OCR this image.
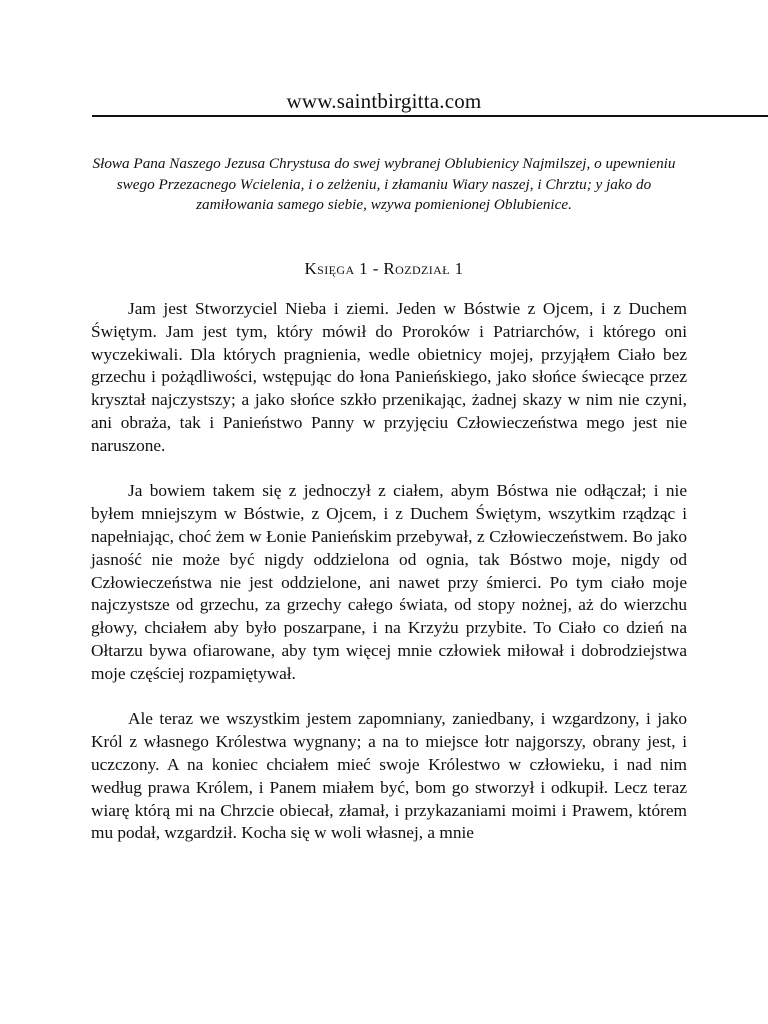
www.saintbirgitta.com
Słowa Pana Naszego Jezusa Chrystusa do swej wybranej Oblubienicy Najmilszej, o upewnieniu swego Przezacnego Wcielenia, i o zelżeniu, i złamaniu Wiary naszej, i Chrztu; y jako do zamiłowania samego siebie, wzywa pomienionej Oblubienice.
Księga 1 - Rozdział 1

Jam jest Stworzyciel Nieba i ziemi. Jeden w Bóstwie z Ojcem, i z Duchem Świętym. Jam jest tym, który mówił do Proroków i Patriarchów, i którego oni wyczekiwali. Dla których pragnienia, wedle obietnicy mojej, przyjąłem Ciało bez grzechu i pożądliwości, wstępując do łona Panieńskiego, jako słońce świecące przez kryształ najczystszy; a jako słońce szkło przenikając, żadnej skazy w nim nie czyni, ani obraża, tak i Panieństwo Panny w przyjęciu Człowieczeństwa mego jest nie naruszone.

Ja bowiem takem się z jednoczył z ciałem, abym Bóstwa nie odłączał; i nie byłem mniejszym w Bóstwie, z Ojcem, i z Duchem Świętym, wszytkim rządząc i napełniając, choć żem w Łonie Panieńskim przebywał, z Człowieczeństwem. Bo jako jasność nie może być nigdy oddzielona od ognia, tak Bóstwo moje, nigdy od Człowieczeństwa nie jest oddzielone, ani nawet przy śmierci. Po tym ciało moje najczystsze od grzechu, za grzechy całego świata, od stopy nożnej, aż do wierzchu głowy, chciałem aby było poszarpane, i na Krzyżu przybite. To Ciało co dzień na Ołtarzu bywa ofiarowane, aby tym więcej mnie człowiek miłował i dobrodziejstwa moje częściej rozpamiętywał.

Ale teraz we wszystkim jestem zapomniany, zaniedbany, i wzgardzony, i jako Król z własnego Królestwa wygnany; a na to miejsce łotr najgorszy, obrany jest, i uczczony. A na koniec chciałem mieć swoje Królestwo w człowieku, i nad nim według prawa Królem, i Panem miałem być, bom go stworzył i odkupił. Lecz teraz wiarę którą mi na Chrzcie obiecał, złamał, i przykazaniami moimi i Prawem, którem mu podał, wzgardził. Kocha się w woli własnej, a mnie
